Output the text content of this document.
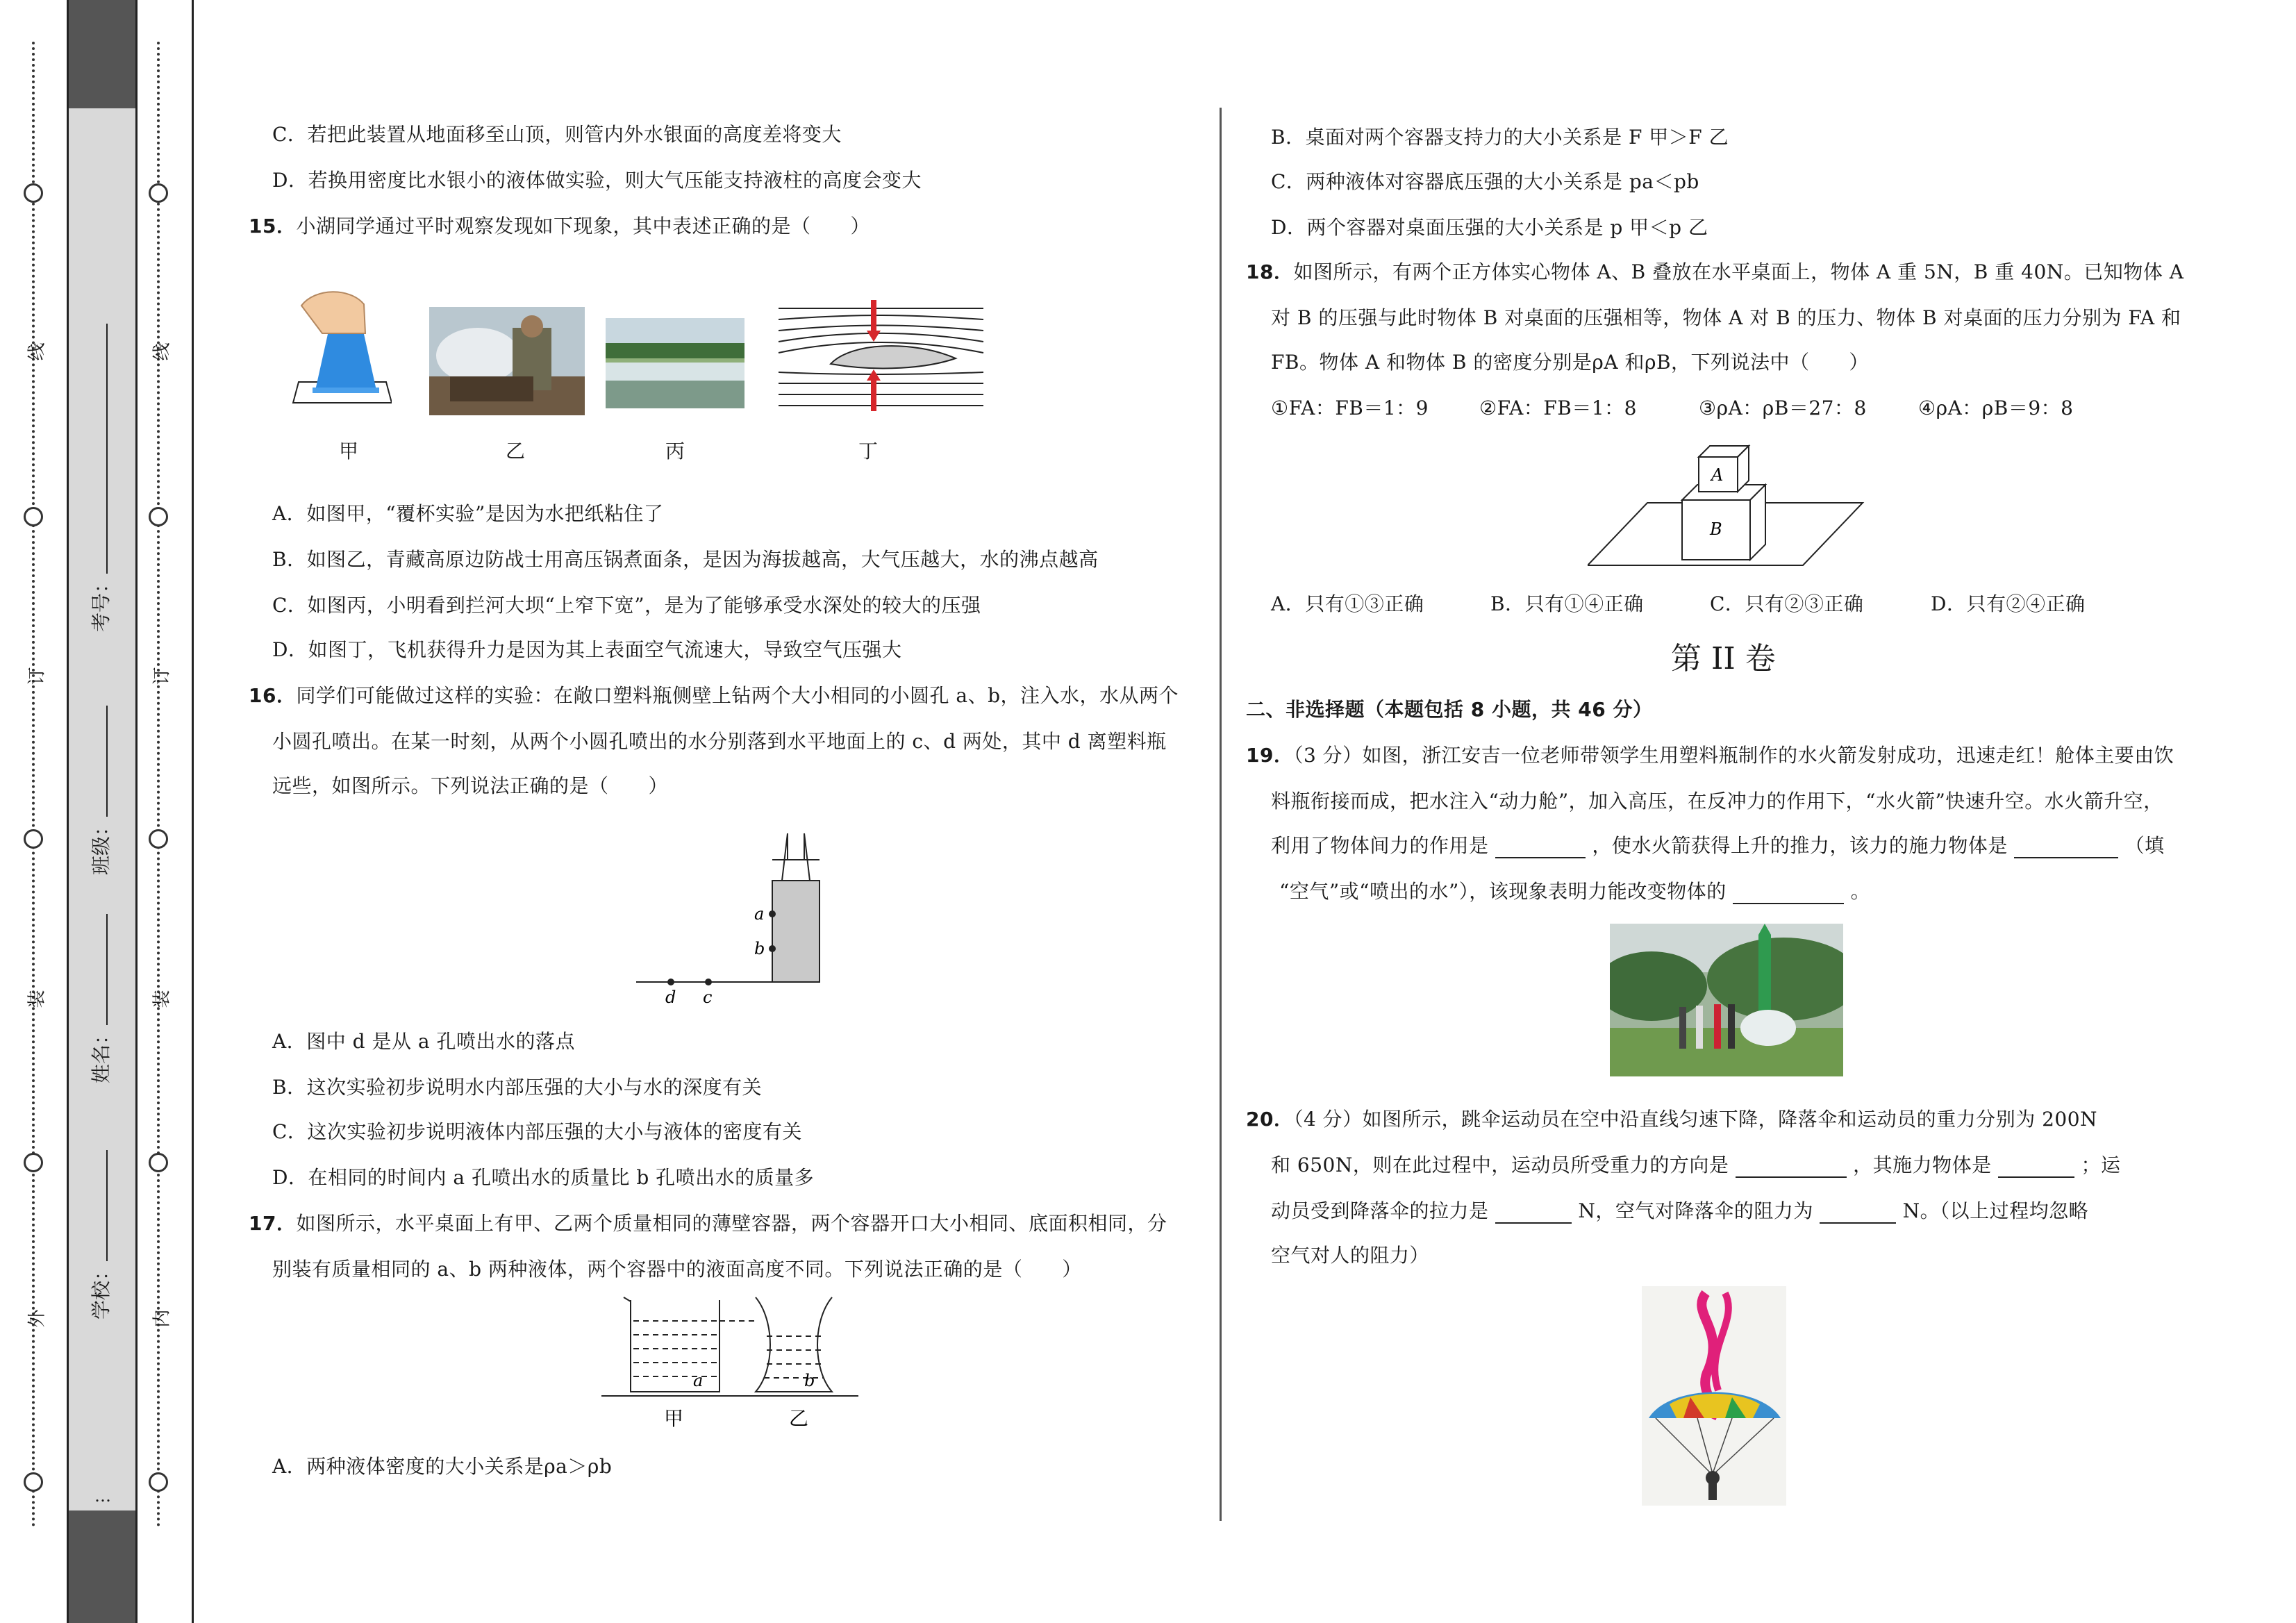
线
订
装
外
线
订
装
内
学校：
姓名：
班级：
考号：
…
C．若把此装置从地面移至山顶，则管内外水银面的高度差将变大
D．若换用密度比水银小的液体做实验，则大气压能支持液柱的高度会变大
15．小湖同学通过平时观察发现如下现象，其中表述正确的是（　　）
甲	乙	丙	丁
A．如图甲，“覆杯实验”是因为水把纸粘住了
B．如图乙，青藏高原边防战士用高压锅煮面条，是因为海拔越高，大气压越大，水的沸点越高
C．如图丙，小明看到拦河大坝“上窄下宽”，是为了能够承受水深处的较大的压强
D．如图丁，飞机获得升力是因为其上表面空气流速大，导致空气压强大
16．同学们可能做过这样的实验：在敞口塑料瓶侧壁上钻两个大小相同的小圆孔 a、b，注入水，水从两个
小圆孔喷出。在某一时刻，从两个小圆孔喷出的水分别落到水平地面上的 c、d 两处，其中 d 离塑料瓶
远些，如图所示。下列说法正确的是（　　）
a
b
d c
A．图中 d 是从 a 孔喷出水的落点
B．这次实验初步说明水内部压强的大小与水的深度有关
C．这次实验初步说明液体内部压强的大小与液体的密度有关
D．在相同的时间内 a 孔喷出水的质量比 b 孔喷出水的质量多
17．如图所示，水平桌面上有甲、乙两个质量相同的薄壁容器，两个容器开口大小相同、底面积相同，分
别装有质量相同的 a、b 两种液体，两个容器中的液面高度不同。下列说法正确的是（　　）
a	b
甲	乙
A．两种液体密度的大小关系是ρa＞ρb
B．桌面对两个容器支持力的大小关系是 F 甲＞F 乙
C．两种液体对容器底压强的大小关系是 pa＜pb
D．两个容器对桌面压强的大小关系是 p 甲＜p 乙
18．如图所示，有两个正方体实心物体 A、B 叠放在水平桌面上，物体 A 重 5N，B 重 40N。已知物体 A
对 B 的压强与此时物体 B 对桌面的压强相等，物体 A 对 B 的压力、物体 B 对桌面的压力分别为 FA 和
FB。物体 A 和物体 B 的密度分别是ρA 和ρB，下列说法中（　　）
①FA：FB＝1：9	②FA：FB＝1：8	③ρA：ρB＝27：8	④ρA：ρB＝9：8
A
B
A．只有①③正确	B．只有①④正确	C．只有②③正确	D．只有②④正确
第 II 卷
二、非选择题（本题包括 8 小题，共 46 分）
19．（3 分）如图，浙江安吉一位老师带领学生用塑料瓶制作的水火箭发射成功，迅速走红！舱体主要由饮
料瓶衔接而成，把水注入“动力舱”，加入高压，在反冲力的作用下，“水火箭”快速升空。水火箭升空，
利用了物体间力的作用是	，使水火箭获得上升的推力，该力的施力物体是	（填
“空气”或“喷出的水”），该现象表明力能改变物体的	。
20．（4 分）如图所示，跳伞运动员在空中沿直线匀速下降，降落伞和运动员的重力分别为 200N
和 650N，则在此过程中，运动员所受重力的方向是	，其施力物体是	；运
动员受到降落伞的拉力是	N，空气对降落伞的阻力为	N。（以上过程均忽略
空气对人的阻力）
